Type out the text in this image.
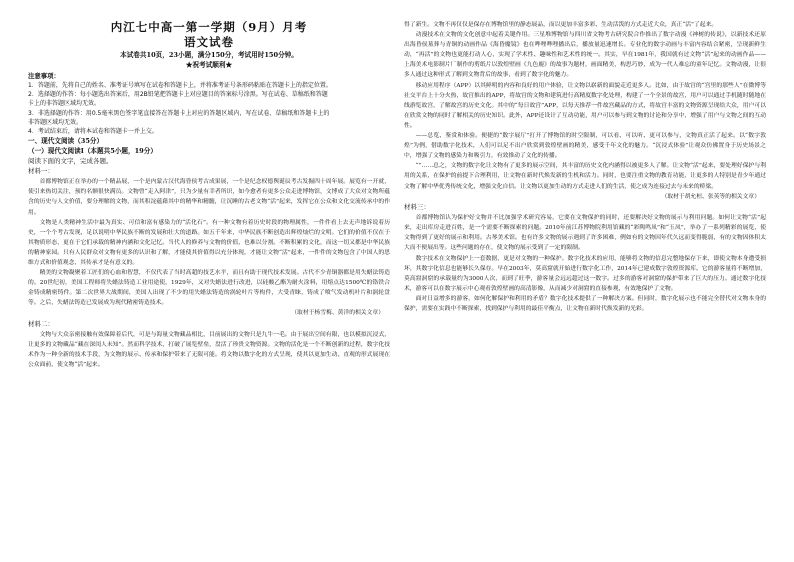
内江七中高一第一学期（9月）月考
语文试卷
本试卷共10页，23小题，满分150分，考试用时150分钟。
★祝考试顺利★
注意事项：
1．答题前，先将自己的姓名、准考证号填写在试卷和答题卡上，并将准考证号条形码粘贴在答题卡上的指定位置。
2．选择题的作答：每小题选出答案后，用2B铅笔把答题卡上对应题目的答案标号涂黑。写在试卷、草稿纸和答题
卡上的非答题区域均无效。
3．非选择题的作答：用0.5毫米黑色签字笔直接答在答题卡上对应的答题区域内，写在试卷、草稿纸和答题卡上的
非答题区域均无效。
4．考试结束后，请将本试卷和答题卡一并上交。
一、现代文阅读（35分）
（一）现代文阅读Ⅰ（本题共5小题，19分）
阅读下面的文字，完成各题。
材料一：

首都博物馆正在举办的一个精品展，一个是内蒙古汉代海昏侯考古成果展，一个是纪念权德舆诞辰考古发掘四十周年展。展览有一开就，使引来热切关注，预约名额很快满员。文物曾“走入阿津”，只为少量有幸者所识，如今愈者有更多公众走进博物馆，文博成了大众对文物所蕴含的历史与人文价值，要分理解的文物，而其积淀蕴藉其中的精华和精髓，让沉睡的古老文物“活”起来，发挥它在公众和文化交流传承中的作用。

文物是人类精神生活中最为真实、可信和富有感染力的“活化石”。有一种文物有着历史时段的物理属性，一件件看上去无声地诉说着历史，一个个考古发现，足以说明中华民族不断的发展和壮大的道路。如五千年来，中华民族不断创造出辉煌灿烂的文明。它们的价值不仅在于其物质形态，更在于它们承载的精神内涵和文化记忆。当代人的修养与文物的价值，也难以分割。不断积累的文化，而这一切又都是中华民族的精神家园。只有人民群众对文物有更多的认识和了解，才能使其价值得以充分体现，才能让文物“活”起来，一件件的文物包含了中国人的思维方式和价值观念，其传承才是有意义的。

精美的文物凝聚着工匠们的心血和智慧，不仅代表了当时高超的技艺水平，而且有助于现代技术发展。古代不少青铜器都是用失蜡法铸造的。20世纪初，美国工程师将失蜡法铸造工业用途使，1929年，又对失蜡法进行改进，以硅酸乙酯为耐火涂料，用熔点达1500℃的铬铁合金铸成精密铸件。第二次世界大战期间，美国人出现了不少的用失蜡法铸造的涡轮叶片等构件，大受青睐，铸成了喷气发动机叶片和涡轮盘等。之后，失蜡法铸造已发展成为现代精密铸造技术。

（取材于杨雪梅、黄洋的相关文章）
材料二：

文物与大众亲密接触有效保障着后代，可是与海量文物藏品相比，目前展出的文物只是九牛一毛。由于展出空间有限，也以模拟沉浸式，让更多的文物藏品“藏在深闺人未知”。然而科学技术，打破了展览壁垒，盘活了珍贵文物资源。文物的活化是一个不断创新的过程，数字化技术作为一种全新的技术手段，为文物的展示、传承和保护带来了无限可能。将文物以数字化的方式呈现，使其以更加生动、直观的形式展现在公众面前，使文物“活”起来。

得了新生。文物不再仅仅是保存在博物馆里的静态展品，而以更加丰富多彩、生动活泼的方式走近大众，真正“活”了起来。

动漫技术在文物的文化创意中起着关键作用。三星堆博物馆与四川省文物考古研究院合作推出了数字动漫《神树的传说》，以新技术还原出海昏侯墓葬与青铜的动画作品《海昏魔镜》也在哔哩哔哩播出后，播放量迅速增长。专业化的数字动画与丰富内容结合紧密，呈现新鲜生动，“再活”的文物也更能打动人心，实现了学术性、趣味性和艺术性的统一。其实，早在1981年，我国就有过文物“活”起来的动画作品——上海美术电影制片厂制作的剪纸片以敦煌壁画《九色鹿》的故事为题材，画面精美，构思巧妙，成为一代人难忘的童年记忆。文物动漫，让很多人通过这种形式了解到文物背后的故事，看到了数字化的魅力。

移动应用程序（APP）以其鲜明的内容和良好的用户体验，让文物以崭新的面貌走近更多人。比如，由于故宫的“宫里的那些人”在微博等社交平台上十分火热，故宫推出的APP，将故宫的文物和建筑进行高精度数字化处理，构建了一个全景的故宫，用户可以通过手机随时随地在线游览故宫，了解故宫的历史文化。其中的“每日故宫”APP，以每天推荐一件故宫藏品的方式，将故宫丰富的文物资源呈现给大众，用户可以在欣赏文物的同时了解相关的历史知识。此外，APP还设计了互动功能，用户可以参与到文物的讨论和分享中，增强了用户与文物之间的互动性。

——总览、鉴赏和体验。便捷的“数字展厅”打开了博物馆的时空限制，可以看、可以听、更可以参与，文物真正活了起来。以“数字敦煌”为例，借助数字化技术，人们可以足不出户欣赏到敦煌壁画的精美，感受千年文化的魅力。“沉浸式体验”让观众仿佛置身于历史场景之中，增强了文物的感染力和吸引力，有效推动了文化的传播。

“”……总之，文物的数字化让文物有了更多的展示空间，其丰富的历史文化内涵得以被更多人了解。让文物“活”起来，要处理好保护与利用的关系，在保护的前提下合理利用，让文物在新时代焕发新的生机和活力。同时，也要注重文物的教育功能，让更多的人特别是青少年通过文物了解中华优秀传统文化，增强文化自信。让文物以更加生动的方式走进人们的生活，使之成为连接过去与未来的桥梁。

（取材于胡允桓、张英等的相关文章）
材料三：

首都博物馆认为保护好文物并不比加强学术研究容易，它要在文物保护的同时，还要解决好文物的展示与利用问题。如何让文物“活”起来，走出库房走进百姓，是一个需要不断探索的问题。2010年前江苏博物院利用馆藏的“彩陶鸣凤”和“玉凤”，举办了一系列精彩的展览，使文物得到了更好的展示和利用。古琴美术馆。也有许多文物的展示遇到了许多困难，例如有的文物因年代久远而变得脆弱，有的文物因体积太大而不便展出等。这些问题的存在，使文物的展示受到了一定的限制。

数字技术在文物保护上一套数据，更是对文物的一种保护。数字化技术的应用，能够将文物的信息完整地保存下来，即使文物本身遭受损坏，其数字化信息也能够长久保存。早在2003年，莫高窟就开始进行数字化工作，2014年已建成数字敦煌资源库。它的游客量将不断增加，莫高窟洞窟的承载量约为3000人次，而到了旺季，游客量会远远超过这一数字。过多的游客对洞窟的保护带来了巨大的压力。通过数字化技术，游客可以在数字展示中心观看敦煌壁画的高清影像，从而减少对洞窟的直接参观，有效地保护了文物。

面对日益增多的游客，如何化解保护和利用的矛盾？数字化技术提供了一种解决方案。但同时，数字化展示也不能完全替代对文物本身的保护，需要在实践中不断探索，找到保护与利用的最佳平衡点，让文物在新时代焕发新的光彩。
